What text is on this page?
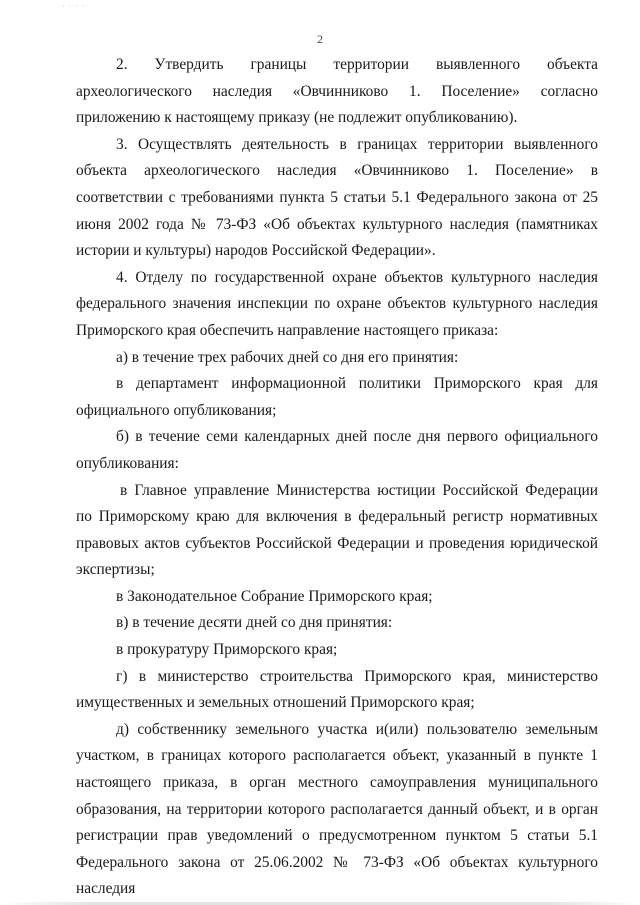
· · · ·
2

2. Утвердить границы территории выявленного объекта археологического наследия «Овчинниково 1. Поселение» согласно приложению к настоящему приказу (не подлежит опубликованию).

3. Осуществлять деятельность в границах территории выявленного объекта археологического наследия «Овчинниково 1. Поселение» в соответствии с требованиями пункта 5 статьи 5.1 Федерального закона от 25 июня 2002 года № 73-ФЗ «Об объектах культурного наследия (памятниках истории и культуры) народов Российской Федерации».

4. Отделу по государственной охране объектов культурного наследия федерального значения инспекции по охране объектов культурного наследия Приморского края обеспечить направление настоящего приказа:

а) в течение трех рабочих дней со дня его принятия:

в департамент информационной политики Приморского края для официального опубликования;

б) в течение семи календарных дней после дня первого официального опубликования:

в Главное управление Министерства юстиции Российской Федерации по Приморскому краю для включения в федеральный регистр нормативных правовых актов субъектов Российской Федерации и проведения юридической экспертизы;

в Законодательное Собрание Приморского края;

в) в течение десяти дней со дня принятия:

в прокуратуру Приморского края;

г) в министерство строительства Приморского края, министерство имущественных и земельных отношений Приморского края;

д) собственнику земельного участка и(или) пользователю земельным участком, в границах которого располагается объект, указанный в пункте 1 настоящего приказа, в орган местного самоуправления муниципального образования, на территории которого располагается данный объект, и в орган регистрации прав уведомлений о предусмотренном пунктом 5 статьи 5.1 Федерального закона от 25.06.2002 № 73-ФЗ «Об объектах культурного наследия
